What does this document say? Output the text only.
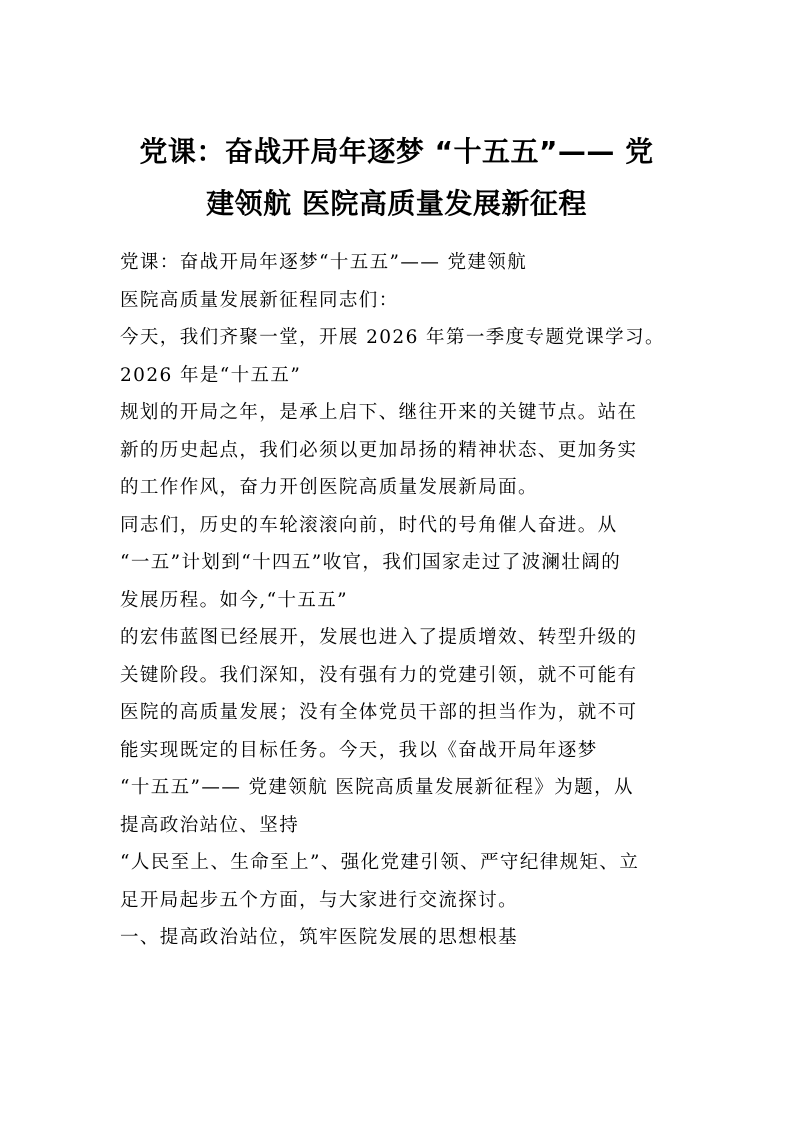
党课：奋战开局年逐梦 “十五五”—— 党
建领航 医院高质量发展新征程
党课：奋战开局年逐梦“十五五”—— 党建领航
医院高质量发展新征程同志们：
今天，我们齐聚一堂，开展 2026 年第一季度专题党课学习。
2026 年是“十五五”
规划的开局之年，是承上启下、继往开来的关键节点。站在
新的历史起点，我们必须以更加昂扬的精神状态、更加务实
的工作作风，奋力开创医院高质量发展新局面。
同志们，历史的车轮滚滚向前，时代的号角催人奋进。从
“一五”计划到“十四五”收官，我们国家走过了波澜壮阔的
发展历程。如今,“十五五”
的宏伟蓝图已经展开，发展也进入了提质增效、转型升级的
关键阶段。我们深知，没有强有力的党建引领，就不可能有
医院的高质量发展；没有全体党员干部的担当作为，就不可
能实现既定的目标任务。今天，我以《奋战开局年逐梦
“十五五”—— 党建领航 医院高质量发展新征程》为题，从
提高政治站位、坚持
“人民至上、生命至上”、强化党建引领、严守纪律规矩、立
足开局起步五个方面，与大家进行交流探讨。
一、提高政治站位，筑牢医院发展的思想根基
